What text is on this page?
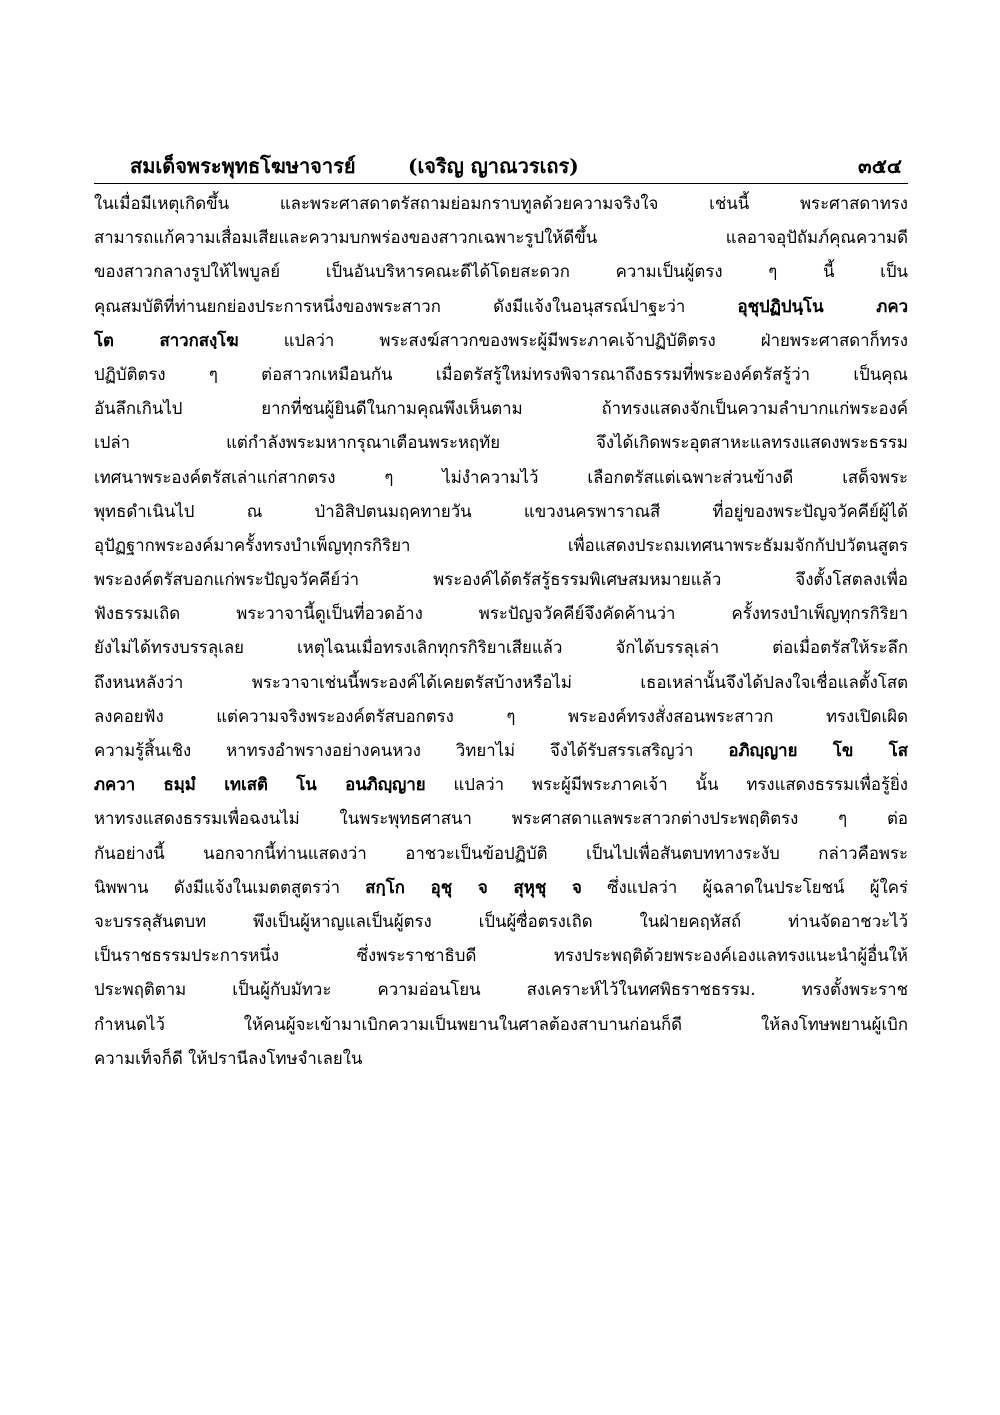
สมเด็จพระพุทธโฆษาจารย์	(เจริญ ญาณวรเถร)	๓๕๔
ในเมื่อมีเหตุเกิดขึ้น และพระศาสดาตรัสถามย่อมกราบทูลด้วยความจริงใจ เช่นนี้ พระศาสดาทรง
สามารถแก้ความเสื่อมเสียและความบกพร่องของสาวกเฉพาะรูปให้ดีขึ้น แลอาจอุปัถัมภ์คุณความดี
ของสาวกลางรูปให้ไพบูลย์ เป็นอันบริหารคณะดีได้โดยสะดวก ความเป็นผู้ตรง ๆ นี้ เป็น
คุณสมบัติที่ท่านยกย่องประการหนึ่งของพระสาวก ดังมีแจ้งในอนุสรณ์ปาฐะว่า อุชุปฏิปนฺโน ภคว
โต สาวกสงฺโฆ แปลว่า พระสงฆ์สาวกของพระผู้มีพระภาคเจ้าปฏิบัติตรง ฝ่ายพระศาสดาก็ทรง
ปฏิบัติตรง ๆ ต่อสาวกเหมือนกัน เมื่อตรัสรู้ใหม่ทรงพิจารณาถึงธรรมที่พระองค์ตรัสรู้ว่า เป็นคุณ
อันลึกเกินไป ยากที่ชนผู้ยินดีในกามคุณพึงเห็นตาม ถ้าทรงแสดงจักเป็นความลำบากแก่พระองค์
เปล่า แต่กำลังพระมหากรุณาเตือนพระหฤทัย จึงได้เกิดพระอุตสาหะแลทรงแสดงพระธรรม
เทศนาพระองค์ตรัสเล่าแก่สากตรง ๆ ไม่งำความไว้ เลือกตรัสแต่เฉพาะส่วนข้างดี เสด็จพระ
พุทธดำเนินไป ณ ป่าอิสิปตนมฤคทายวัน แขวงนครพาราณสี ที่อยู่ของพระปัญจวัคคีย์ผู้ได้
อุปัฏฐากพระองค์มาครั้งทรงบำเพ็ญทุกรกิริยา เพื่อแสดงประถมเทศนาพระธัมมจักกัปปวัตนสูตร
พระองค์ตรัสบอกแก่พระปัญจวัคคีย์ว่า พระองค์ได้ตรัสรู้ธรรมพิเศษสมหมายแล้ว จึงตั้งโสตลงเพื่อ
ฟังธรรมเถิด พระวาจานี้ดูเป็นที่อวดอ้าง พระปัญจวัคคีย์จึงคัดค้านว่า ครั้งทรงบำเพ็ญทุกรกิริยา
ยังไม่ได้ทรงบรรลุเลย เหตุไฉนเมื่อทรงเลิกทุกรกิริยาเสียแล้ว จักได้บรรลุเล่า ต่อเมื่อตรัสให้ระลึก
ถึงหนหลังว่า พระวาจาเช่นนี้พระองค์ได้เคยตรัสบ้างหรือไม่ เธอเหล่านั้นจึงได้ปลงใจเชื่อแลตั้งโสต
ลงคอยฟัง แต่ความจริงพระองค์ตรัสบอกตรง ๆ พระองค์ทรงสั่งสอนพระสาวก ทรงเปิดเผิด
ความรู้สิ้นเชิง หาทรงอำพรางอย่างคนหวง วิทยาไม่ จึงได้รับสรรเสริญว่า อภิญฺญาย โข โส
ภควา ธมฺมํ เทเสติ โน อนภิญฺญาย แปลว่า พระผู้มีพระภาคเจ้า นั้น ทรงแสดงธรรมเพื่อรู้ยิ่ง
หาทรงแสดงธรรมเพื่อฉงนไม่ ในพระพุทธศาสนา พระศาสดาแลพระสาวกต่างประพฤติตรง ๆ ต่อ
กันอย่างนี้ นอกจากนี้ท่านแสดงว่า อาชวะเป็นข้อปฏิบัติ เป็นไปเพื่อสันตบททางระงับ กล่าวคือพระ
นิพพาน ดังมีแจ้งในเมตตสูตรว่า สกฺโก อุชุ จ สุหุชุ จ ซึ่งแปลว่า ผู้ฉลาดในประโยชน์ ผู้ใคร่
จะบรรลุสันตบท พึงเป็นผู้หาญแลเป็นผู้ตรง เป็นผู้ซื่อตรงเถิด ในฝ่ายคฤหัสถ์ ท่านจัดอาชวะไว้
เป็นราชธรรมประการหนึ่ง ซึ่งพระราชาธิบดี ทรงประพฤติด้วยพระองค์เองแลทรงแนะนำผู้อื่นให้
ประพฤติตาม เป็นผู้กับมัทวะ ความอ่อนโยน สงเคราะห์ไว้ในทศพิธราชธรรม. ทรงตั้งพระราช
กำหนดไว้ ให้คนผู้จะเข้ามาเบิกความเป็นพยานในศาลต้องสาบานก่อนก็ดี ให้ลงโทษพยานผู้เบิก
ความเท็จก็ดี ให้ปรานีลงโทษจำเลยใน
